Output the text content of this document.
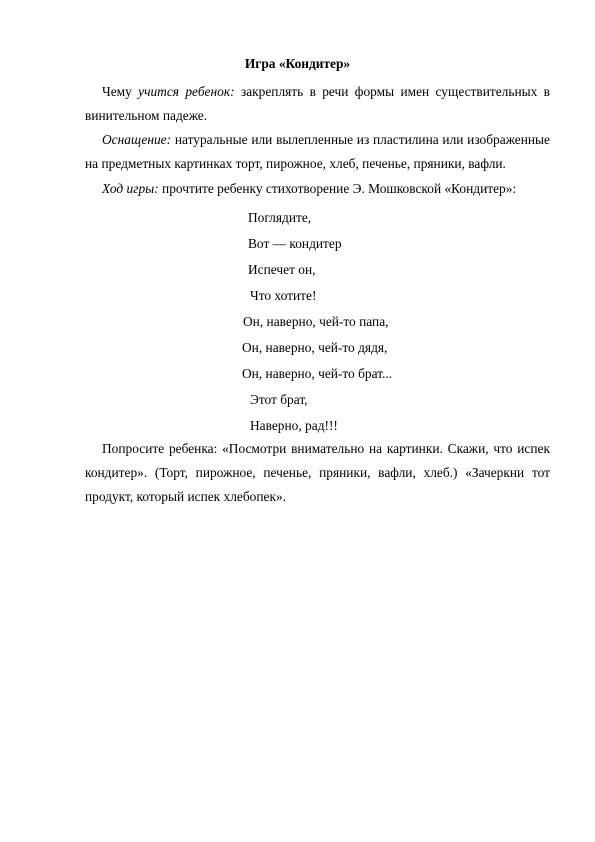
Игра «Кондитер»

Чему учится ребенок: закреплять в речи формы имен существительных в винительном падеже.

Оснащение: натуральные или вылепленные из пластилина или изображенные на предметных картинках торт, пирожное, хлеб, печенье, пряники, вафли.

Ход игры: прочтите ребенку стихотворение Э. Мошковской «Кондитер»:

Поглядите,
Вот — кондитер
Испечет он,
Что хотите!
Он, наверно, чей-то папа,
Он, наверно, чей-то дядя,
Он, наверно, чей-то брат...
Этот брат,
Наверно, рад!!!

Попросите ребенка: «Посмотри внимательно на картинки. Скажи, что испек кондитер». (Торт, пирожное, печенье, пряники, вафли, хлеб.) «Зачеркни тот продукт, который испек хлебопек».
